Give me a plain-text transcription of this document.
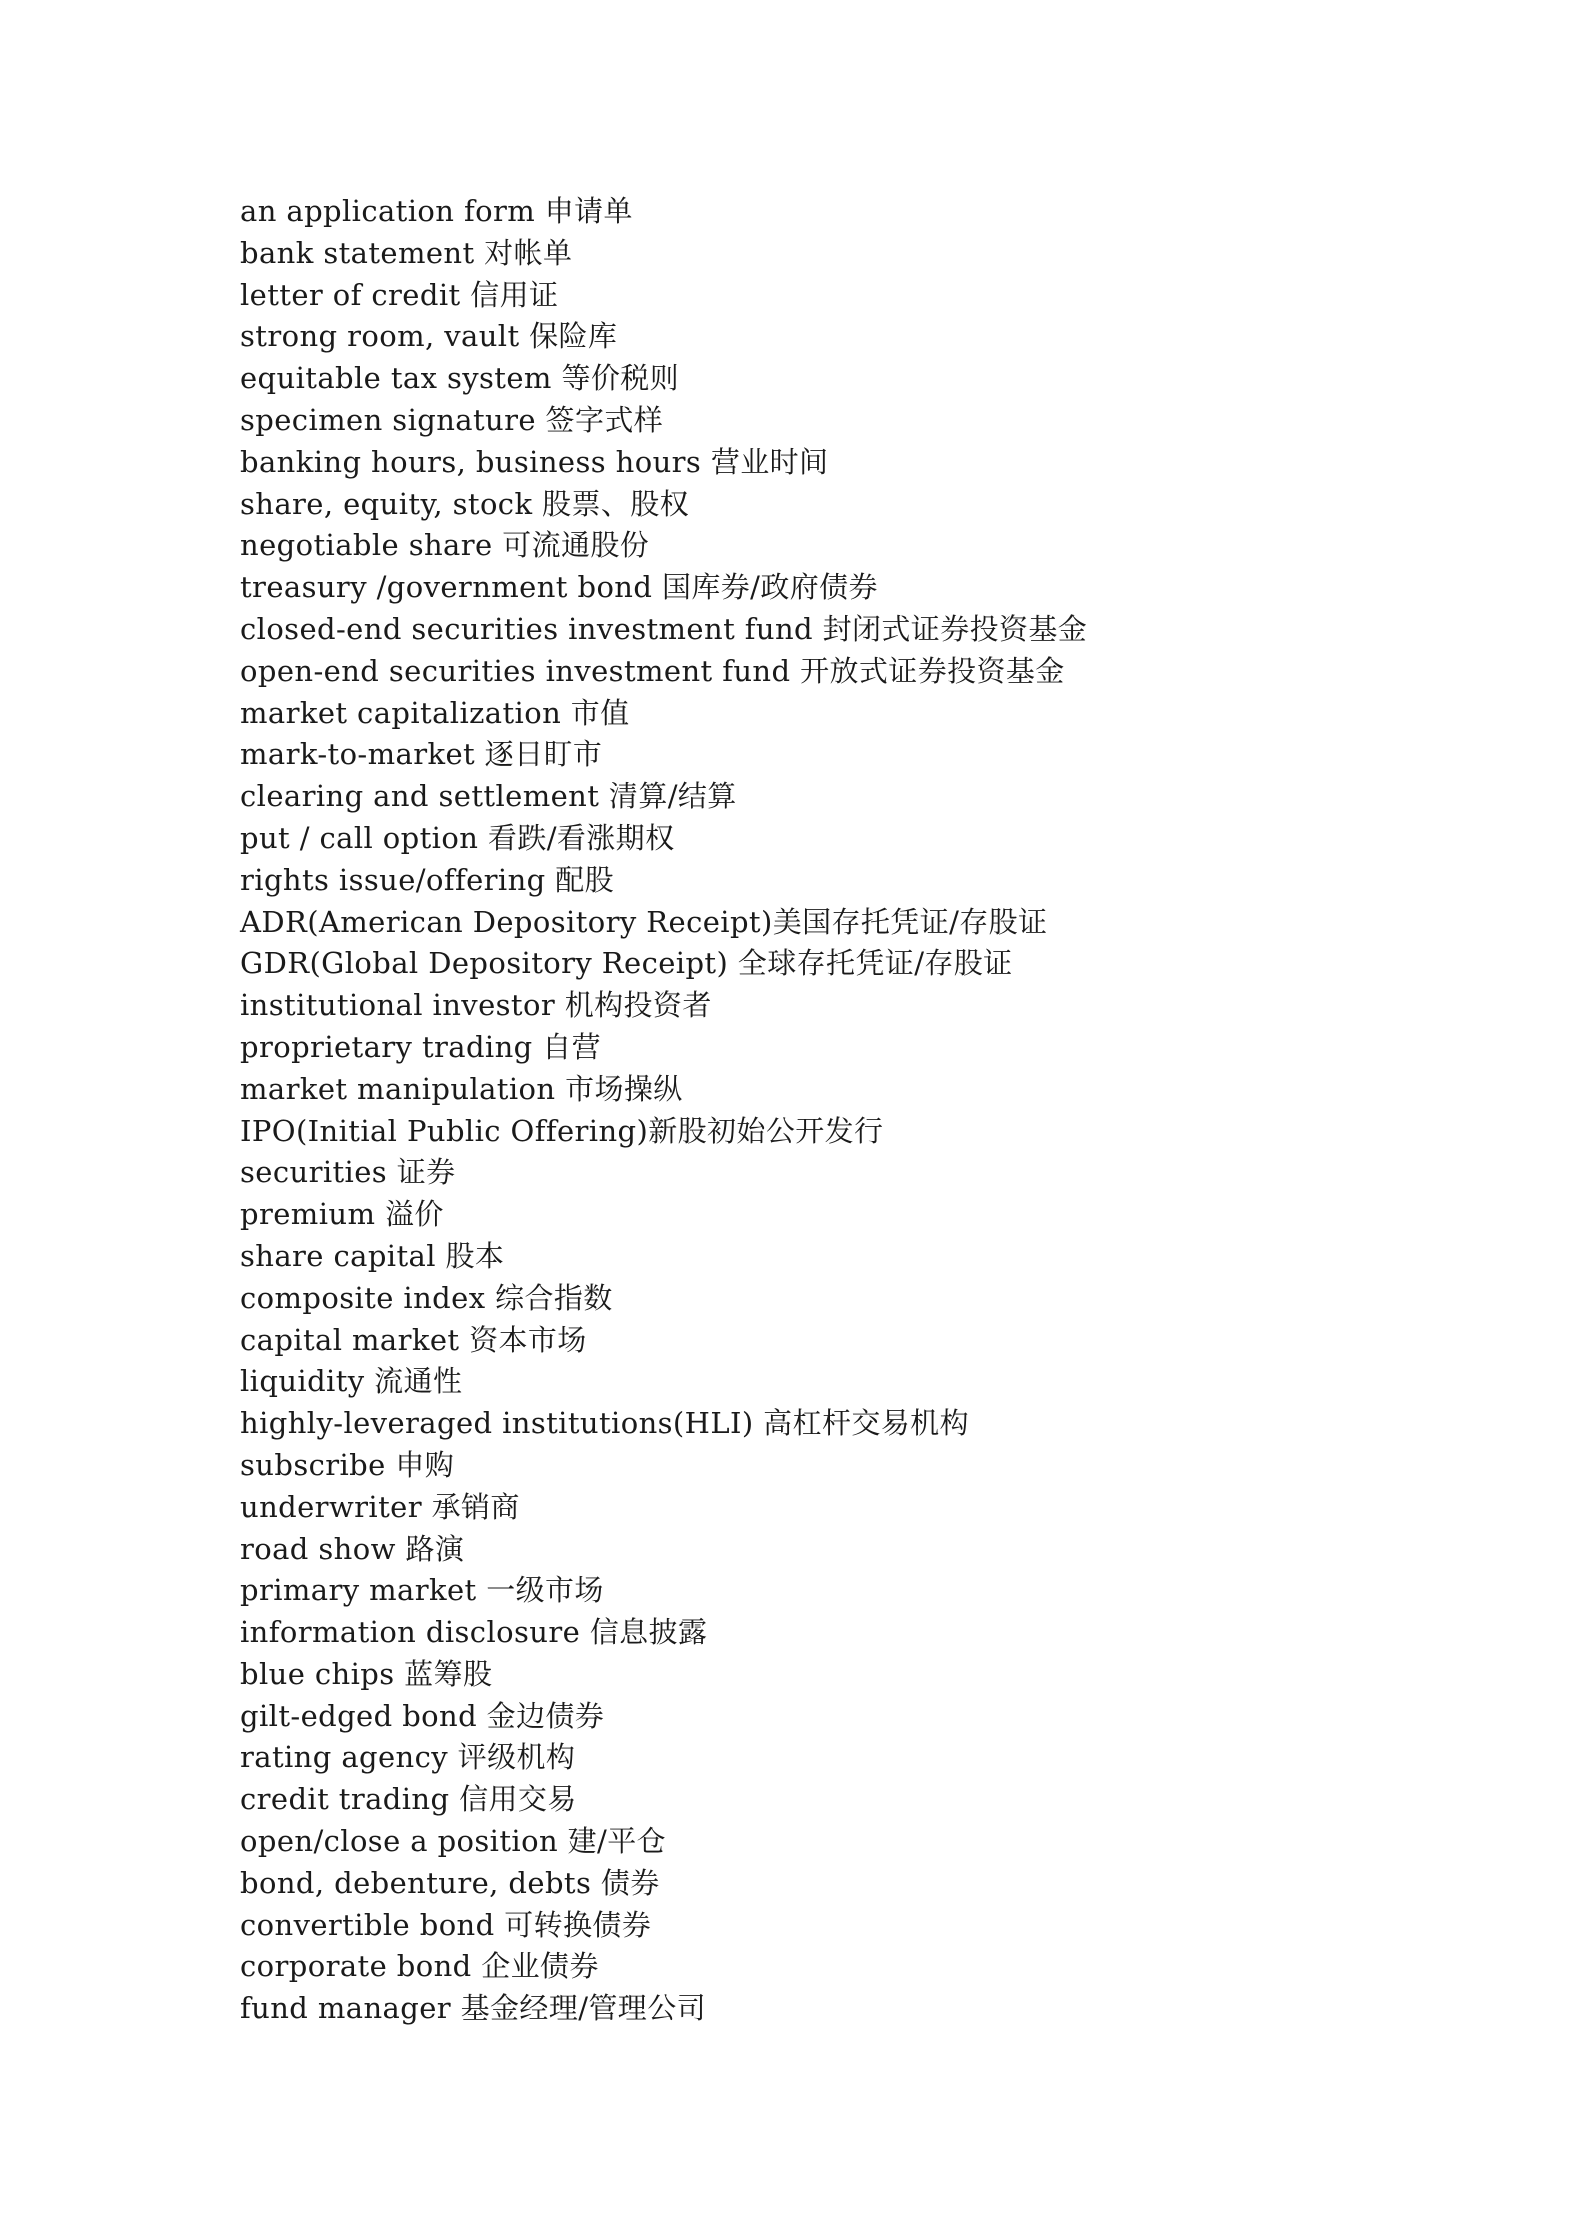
an application form 申请单
bank statement 对帐单
letter of credit 信用证
strong room, vault 保险库
equitable tax system 等价税则
specimen signature 签字式样
banking hours, business hours 营业时间
share, equity, stock 股票、股权
negotiable share 可流通股份
treasury /government bond 国库券/政府债券
closed-end securities investment fund 封闭式证券投资基金
open-end securities investment fund 开放式证券投资基金
market capitalization 市值
mark-to-market 逐日盯市
clearing and settlement 清算/结算
put / call option 看跌/看涨期权
rights issue/offering 配股
ADR(American Depository Receipt)美国存托凭证/存股证
GDR(Global Depository Receipt) 全球存托凭证/存股证
institutional investor 机构投资者
proprietary trading 自营
market manipulation 市场操纵
IPO(Initial Public Offering)新股初始公开发行
securities 证券
premium 溢价
share capital 股本
composite index 综合指数
capital market 资本市场
liquidity 流通性
highly-leveraged institutions(HLI) 高杠杆交易机构
subscribe 申购
underwriter 承销商
road show 路演
primary market 一级市场
information disclosure 信息披露
blue chips 蓝筹股
gilt-edged bond 金边债券
rating agency 评级机构
credit trading 信用交易
open/close a position 建/平仓
bond, debenture, debts 债券
convertible bond 可转换债券
corporate bond 企业债券
fund manager 基金经理/管理公司
